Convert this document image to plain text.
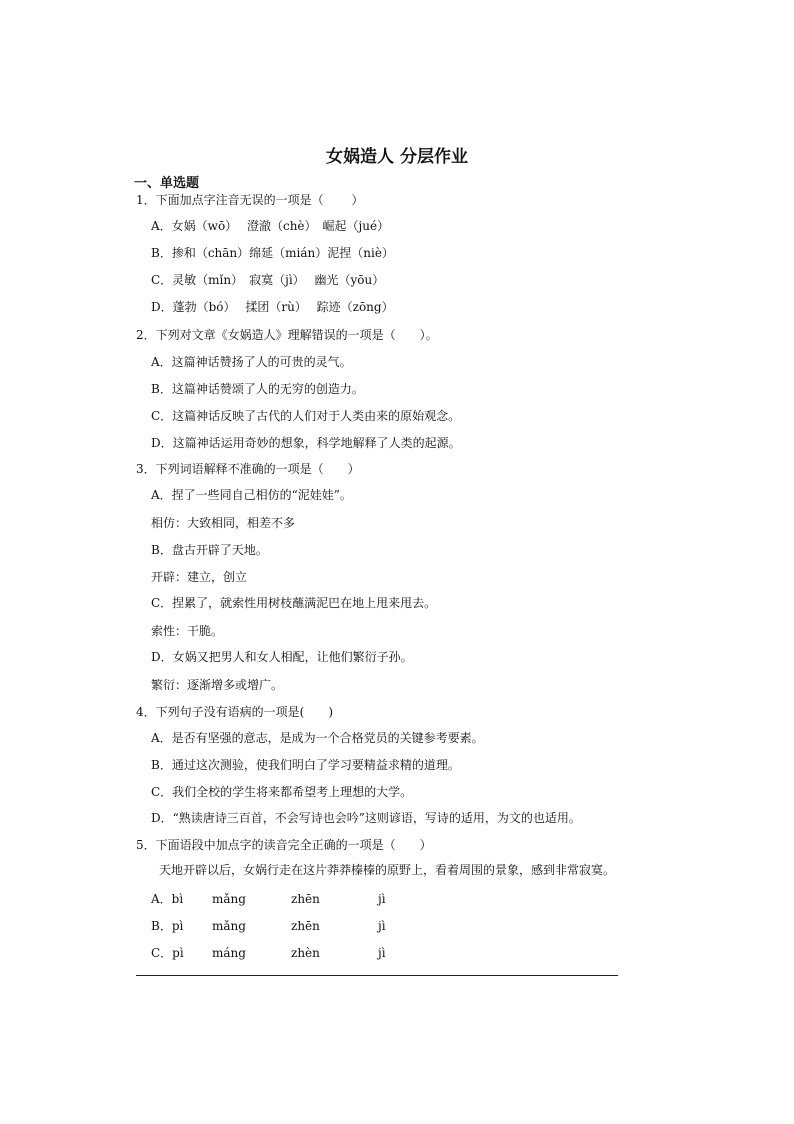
女娲造人 分层作业
一、单选题
1．下面加点字注音无误的一项是（ 　　）
A．女娲（wō）　 澄澈（chè）　崛起（jué）
B．掺和（chān）绵延（mián）泥捏（niè）
C．灵敏（mǐn）　寂寞（jì）　 幽光（yōu）
D．蓬勃（bó）　 揉团（rù）　 踪迹（zōng）
2．下列对文章《女娲造人》理解错误的一项是（　　）。
A．这篇神话赞扬了人的可贵的灵气。
B．这篇神话赞颂了人的无穷的创造力。
C．这篇神话反映了古代的人们对于人类由来的原始观念。
D．这篇神话运用奇妙的想象，科学地解释了人类的起源。
3．下列词语解释不准确的一项是（　　）
A．捏了一些同自己相仿的“泥娃娃”。
相仿：大致相同，相差不多
B．盘古开辟了天地。
开辟：建立，创立
C．捏累了，就索性用树枝蘸满泥巴在地上甩来甩去。
索性：干脆。
D．女娲又把男人和女人相配，让他们繁衍子孙。
繁衍：逐渐增多或增广。
4．下列句子没有语病的一项是(　　)
A．是否有坚强的意志，是成为一个合格党员的关键参考要素。
B．通过这次测验，使我们明白了学习要精益求精的道理。
C．我们全校的学生将来都希望考上理想的大学。
D．“熟读唐诗三百首，不会写诗也会吟”这则谚语，写诗的适用，为文的也适用。
5．下面语段中加点字的读音完全正确的一项是（　　）
天地开辟以后，女娲行走在这片莽莽榛榛的原野上，看着周围的景象，感到非常寂寞。
A．bì mǎng	zhēn	jì
B．pì mǎng	zhēn	jì
C．pì máng	zhèn	jì
